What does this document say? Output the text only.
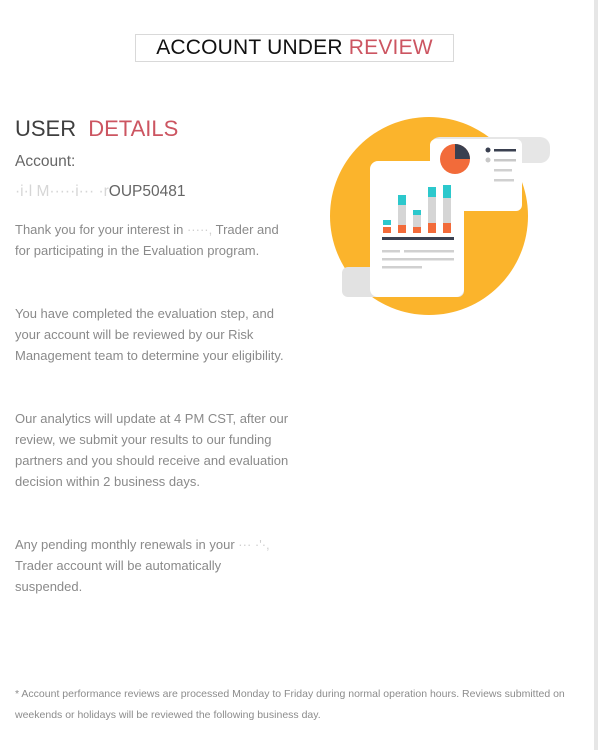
ACCOUNT UNDER REVIEW
USER DETAILS
Account:
·i·l M·····i··· ·rOUP50481
Thank you for your interest in ·····, Trader and for participating in the Evaluation program.
You have completed the evaluation step, and your account will be reviewed by our Risk Management team to determine your eligibility.
Our analytics will update at 4 PM CST, after our review, we submit your results to our funding partners and you should receive and evaluation decision within 2 business days.
Any pending monthly renewals in your ··· ·'·, Trader account will be automatically suspended.
* Account performance reviews are processed Monday to Friday during normal operation hours. Reviews submitted on weekends or holidays will be reviewed the following business day.
